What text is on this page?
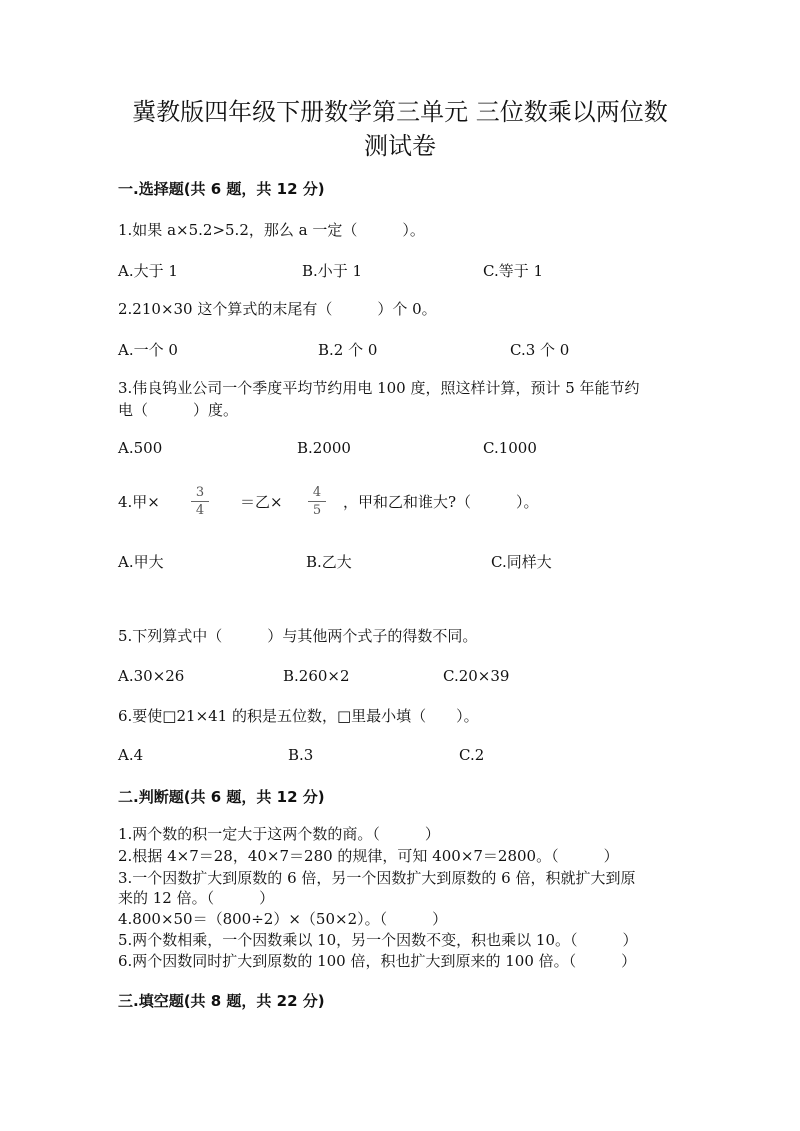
冀教版四年级下册数学第三单元 三位数乘以两位数
测试卷
一.选择题(共 6 题，共 12 分)
1.如果 a×5.2>5.2，那么 a 一定（　　　）。
A.大于 1	B.小于 1	C.等于 1
2.210×30 这个算式的末尾有（　　　）个 0。
A.一个 0	B.2 个 0	C.3 个 0
3.伟良钨业公司一个季度平均节约用电 100 度，照这样计算，预计 5 年能节约
电（　　　）度。
A.500	B.2000	C.1000
4.甲×
3
4	＝乙×
4
5	，甲和乙和谁大?（　　　）。
A.甲大	B.乙大	C.同样大
5.下列算式中（　　　）与其他两个式子的得数不同。
A.30×26	B.260×2	C.20×39
6.要使□21×41 的积是五位数，□里最小填（　　）。
A.4	B.3	C.2
二.判断题(共 6 题，共 12 分)
1.两个数的积一定大于这两个数的商。（　　　）
2.根据 4×7＝28，40×7＝280 的规律，可知 400×7＝2800。（　　　）
3.一个因数扩大到原数的 6 倍，另一个因数扩大到原数的 6 倍，积就扩大到原
来的 12 倍。（　　　）
4.800×50＝（800÷2）×（50×2）。（　　　）
5.两个数相乘，一个因数乘以 10，另一个因数不变，积也乘以 10。（　　　）
6.两个因数同时扩大到原数的 100 倍，积也扩大到原来的 100 倍。（　　　）
三.填空题(共 8 题，共 22 分)
